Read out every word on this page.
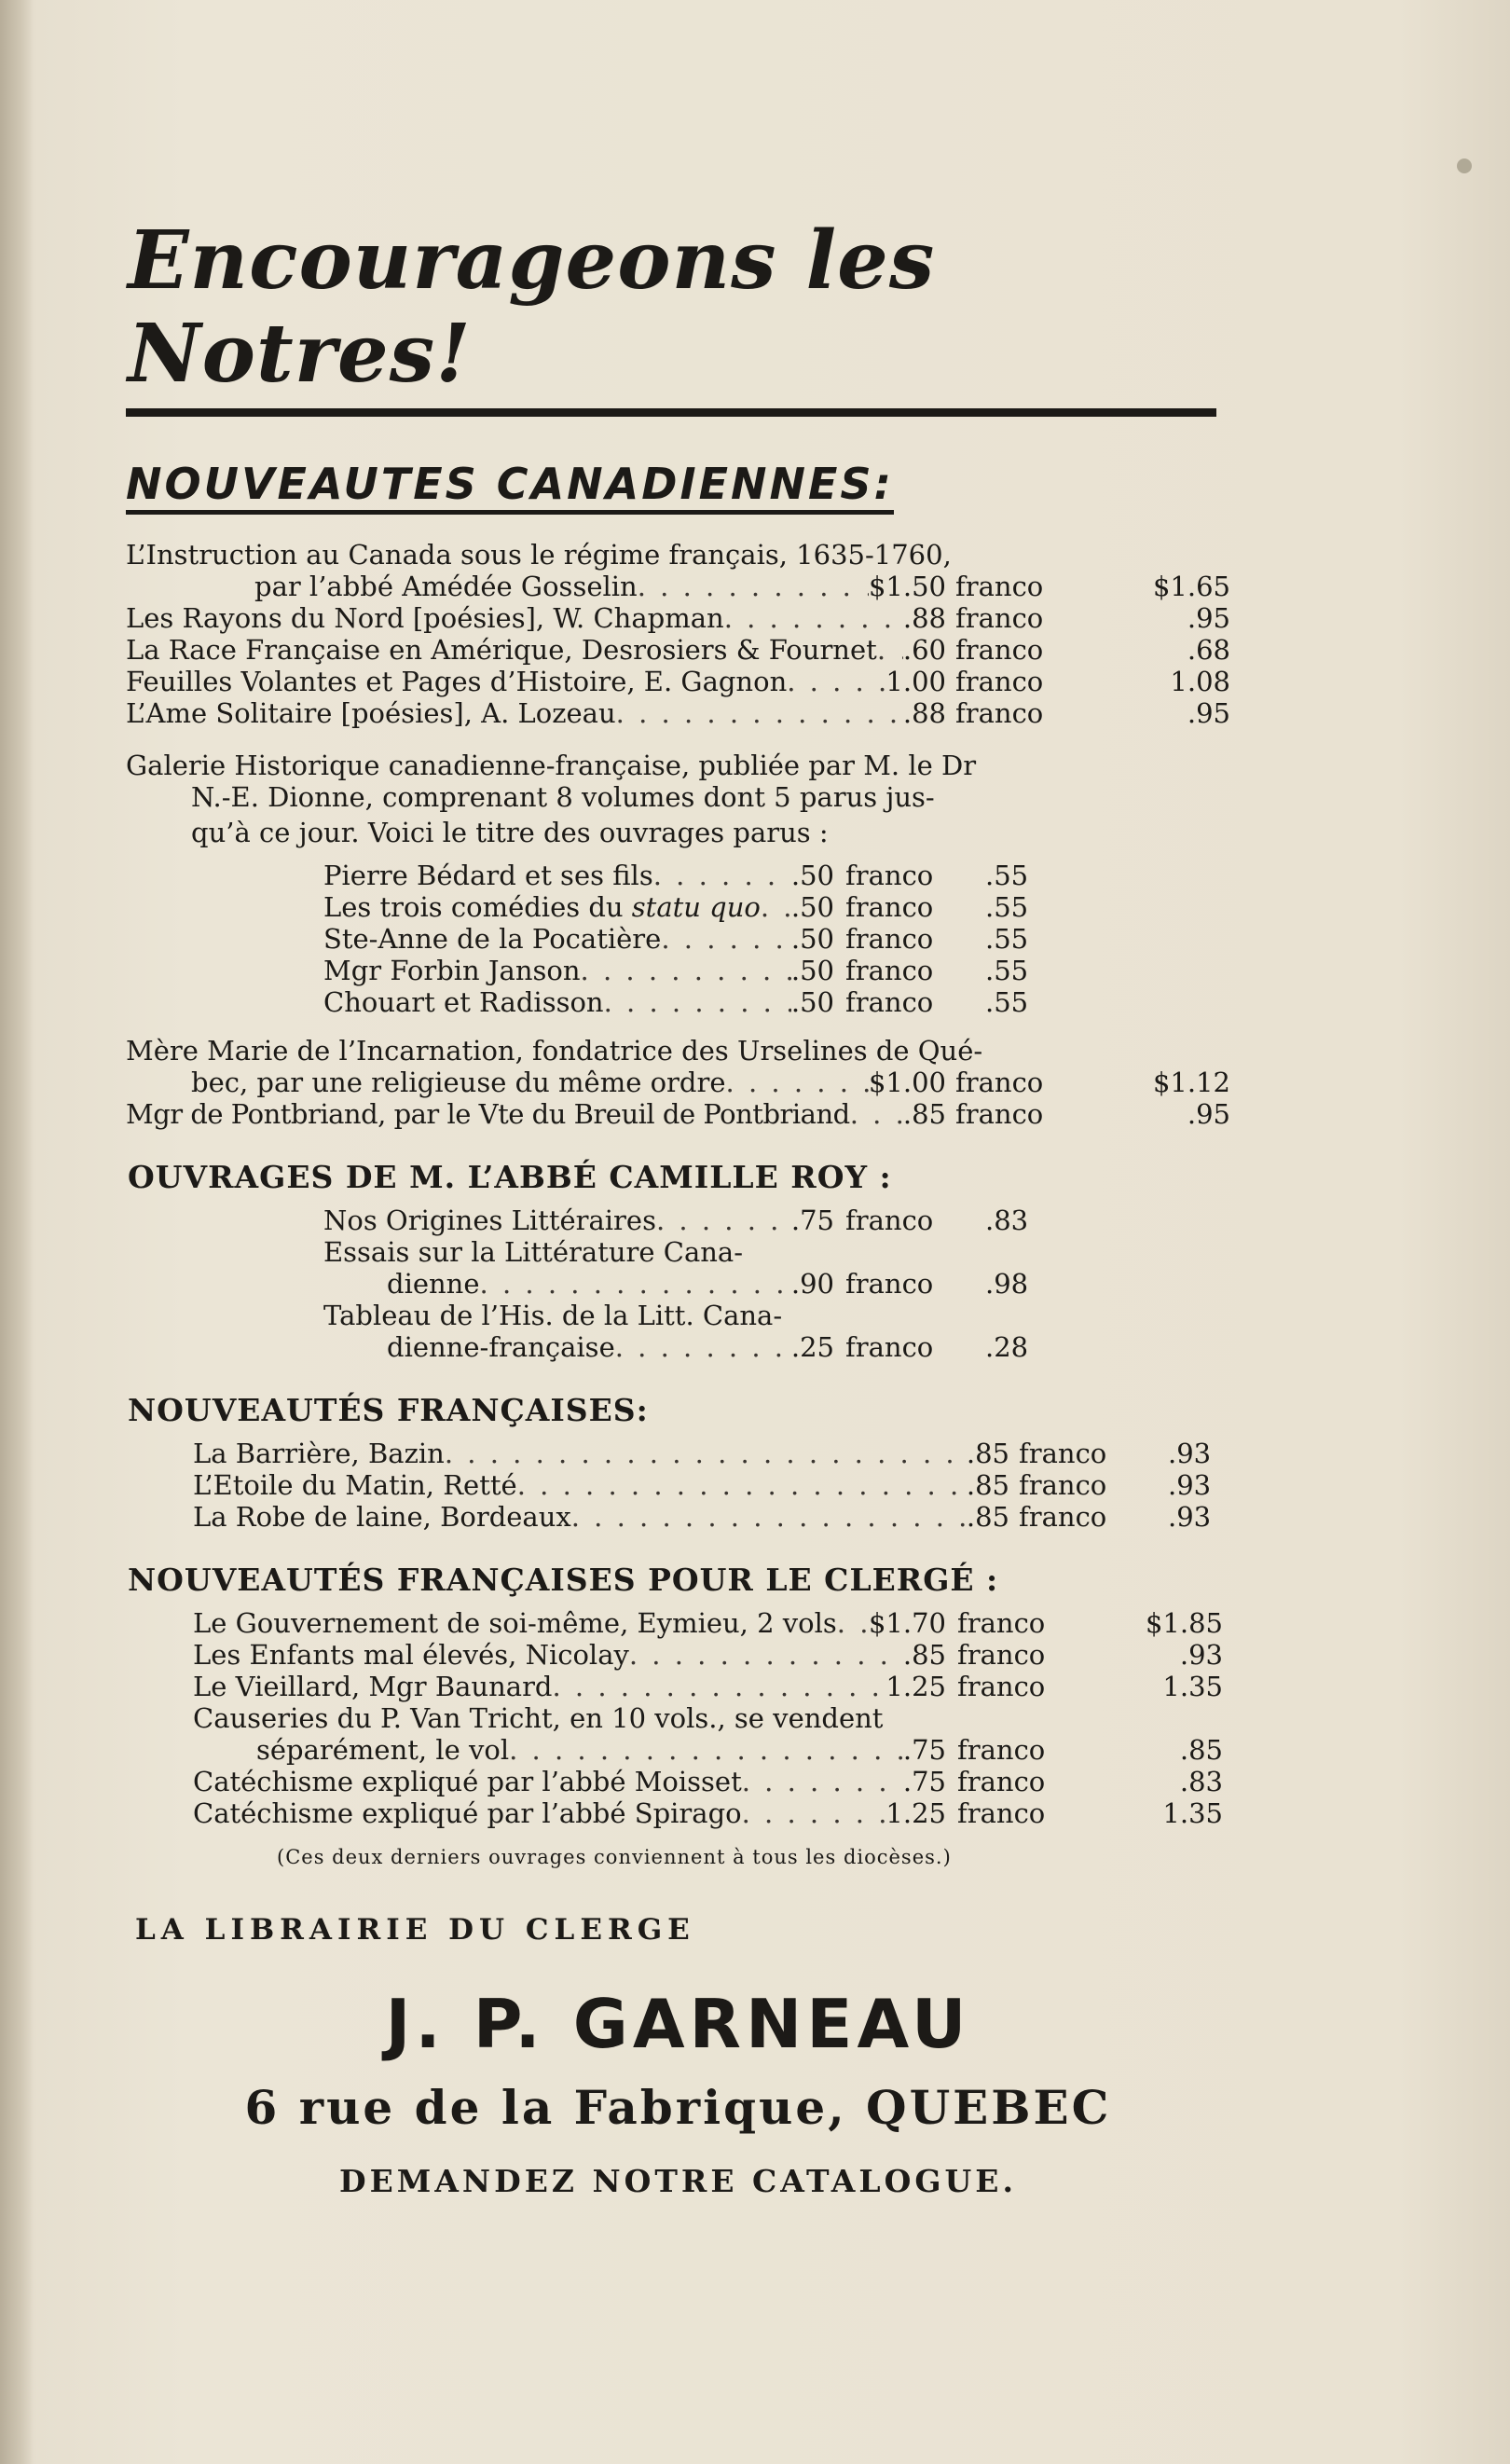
Encourageons les Notres!
NOUVEAUTES CANADIENNES:
L’Instruction au Canada sous le régime français, 1635-1760,
par l’abbé Amédée Gosselin . . .	$1.50 franco	$1.65
Les Rayons du Nord [poésies], W. Chapman . . .	.88 franco	.95
La Race Française en Amérique, Desrosiers & Fournet . . . .60 franco	.68
Feuilles Volantes et Pages d’Histoire, E. Gagnon . . .	1.00 franco	1.08
L’Ame Solitaire [poésies], A. Lozeau . . .	.88 franco	.95
Galerie Historique canadienne-française, publiée par M. le Dr
N.-E. Dionne, comprenant 8 volumes dont 5 parus jus-
qu’à ce jour. Voici le titre des ouvrages parus :
Pierre Bédard et ses fils . . .	.50 franco	.55
Les trois comédies du statu quo . . . .50 franco	.55
Ste-Anne de la Pocatière . . .	.50 franco	.55
Mgr Forbin Janson . . .	.50 franco	.55
Chouart et Radisson . . .	.50 franco	.55
Mère Marie de l’Incarnation, fondatrice des Urselines de Qué-
bec, par une religieuse du même ordre . . .	$1.00 franco	$1.12
Mgr de Pontbriand, par le Vte du Breuil de Pontbriand . . . .85 franco	.95
OUVRAGES DE M. L’ABBÉ CAMILLE ROY :
Nos Origines Littéraires . . .	.75 franco	.83
Essais sur la Littérature Cana-
dienne . . .	.90 franco	.98
Tableau de l’His. de la Litt. Cana-
dienne-française . . .	.25 franco	.28
NOUVEAUTÉS FRANÇAISES:
La Barrière, Bazin . . .	.85 franco	.93
L’Etoile du Matin, Retté . . .	.85 franco	.93
La Robe de laine, Bordeaux . . .	.85 franco	.93
NOUVEAUTÉS FRANÇAISES POUR LE CLERGÉ :
Le Gouvernement de soi-même, Eymieu, 2 vols . . . $1.70 franco	$1.85
Les Enfants mal élevés, Nicolay . . .	.85 franco	.93
Le Vieillard, Mgr Baunard . . .	1.25 franco	1.35
Causeries du P. Van Tricht, en 10 vols., se vendent
séparément, le vol . . .	.75 franco	.85
Catéchisme expliqué par l’abbé Moisset . . .	.75 franco	.83
Catéchisme expliqué par l’abbé Spirago . . .	1.25 franco	1.35
(Ces deux derniers ouvrages conviennent à tous les diocèses.)
LA LIBRAIRIE DU CLERGE
J. P. GARNEAU
6 rue de la Fabrique, QUEBEC
DEMANDEZ NOTRE CATALOGUE.
